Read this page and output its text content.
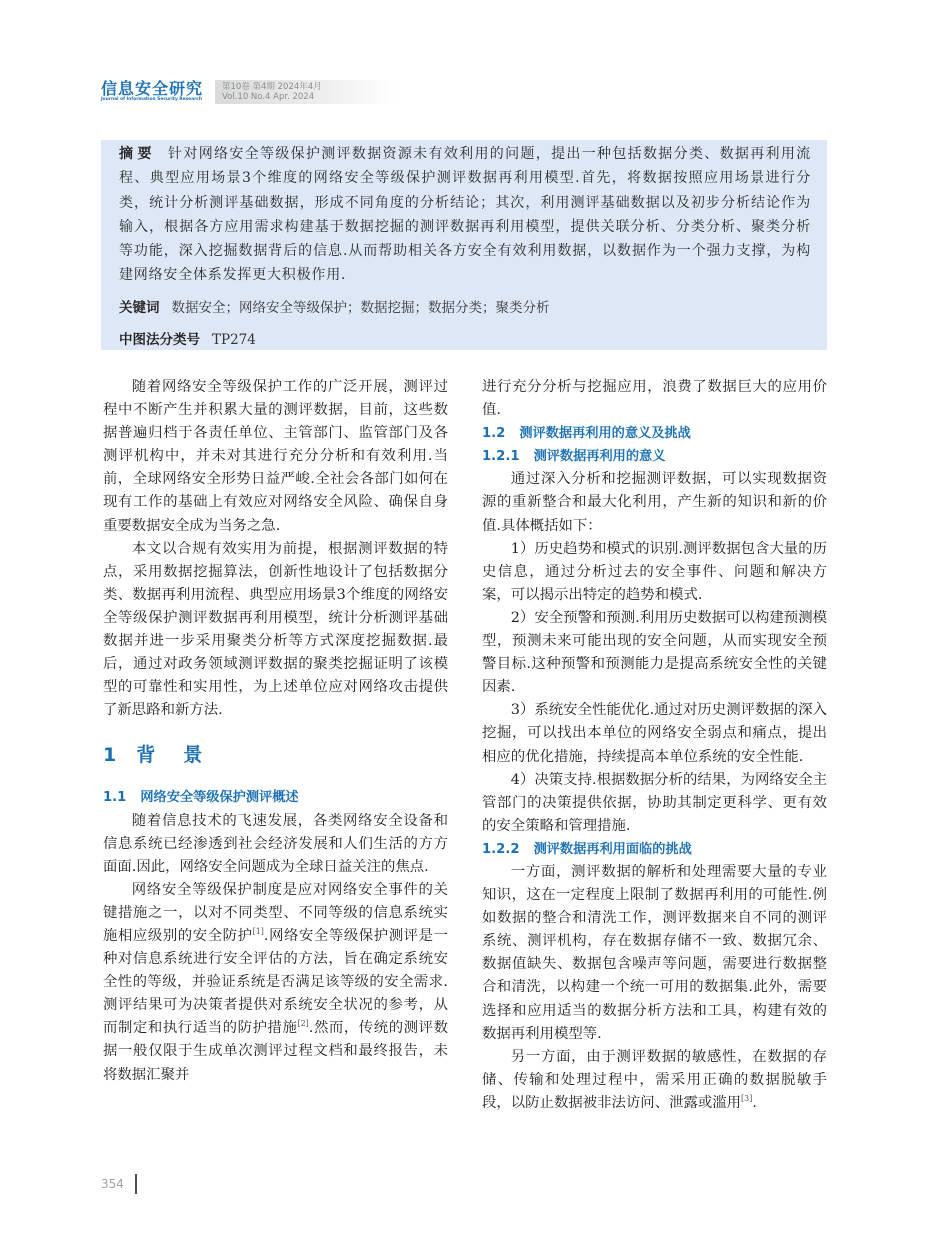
信息安全研究
Journal of Information Security Research
第10卷 第4期 2024年4月
Vol.10 No.4 Apr. 2024
摘要 针对网络安全等级保护测评数据资源未有效利用的问题，提出一种包括数据分类、数据再利用流程、典型应用场景3个维度的网络安全等级保护测评数据再利用模型.首先，将数据按照应用场景进行分类，统计分析测评基础数据，形成不同角度的分析结论；其次，利用测评基础数据以及初步分析结论作为输入，根据各方应用需求构建基于数据挖掘的测评数据再利用模型，提供关联分析、分类分析、聚类分析等功能，深入挖掘数据背后的信息.从而帮助相关各方安全有效利用数据，以数据作为一个强力支撑，为构建网络安全体系发挥更大积极作用.
关键词 数据安全；网络安全等级保护；数据挖掘；数据分类；聚类分析
中图法分类号 TP274

随着网络安全等级保护工作的广泛开展，测评过程中不断产生并积累大量的测评数据，目前，这些数据普遍归档于各责任单位、主管部门、监管部门及各测评机构中，并未对其进行充分分析和有效利用.当前，全球网络安全形势日益严峻.全社会各部门如何在现有工作的基础上有效应对网络安全风险、确保自身重要数据安全成为当务之急.

本文以合规有效实用为前提，根据测评数据的特点，采用数据挖掘算法，创新性地设计了包括数据分类、数据再利用流程、典型应用场景3个维度的网络安全等级保护测评数据再利用模型，统计分析测评基础数据并进一步采用聚类分析等方式深度挖掘数据.最后，通过对政务领域测评数据的聚类挖掘证明了该模型的可靠性和实用性，为上述单位应对网络攻击提供了新思路和新方法.

1 背景
1.1 网络安全等级保护测评概述

随着信息技术的飞速发展，各类网络安全设备和信息系统已经渗透到社会经济发展和人们生活的方方面面.因此，网络安全问题成为全球日益关注的焦点.

网络安全等级保护制度是应对网络安全事件的关键措施之一，以对不同类型、不同等级的信息系统实施相应级别的安全防护[1].网络安全等级保护测评是一种对信息系统进行安全评估的方法，旨在确定系统安全性的等级，并验证系统是否满足该等级的安全需求.测评结果可为决策者提供对系统安全状况的参考，从而制定和执行适当的防护措施[2].然而，传统的测评数据一般仅限于生成单次测评过程文档和最终报告，未将数据汇聚并

进行充分分析与挖掘应用，浪费了数据巨大的应用价值.

1.2 测评数据再利用的意义及挑战
1.2.1 测评数据再利用的意义

通过深入分析和挖掘测评数据，可以实现数据资源的重新整合和最大化利用，产生新的知识和新的价值.具体概括如下：

1）历史趋势和模式的识别.测评数据包含大量的历史信息，通过分析过去的安全事件、问题和解决方案，可以揭示出特定的趋势和模式.

2）安全预警和预测.利用历史数据可以构建预测模型，预测未来可能出现的安全问题，从而实现安全预警目标.这种预警和预测能力是提高系统安全性的关键因素.

3）系统安全性能优化.通过对历史测评数据的深入挖掘，可以找出本单位的网络安全弱点和痛点，提出相应的优化措施，持续提高本单位系统的安全性能.

4）决策支持.根据数据分析的结果，为网络安全主管部门的决策提供依据，协助其制定更科学、更有效的安全策略和管理措施.

1.2.2 测评数据再利用面临的挑战

一方面，测评数据的解析和处理需要大量的专业知识，这在一定程度上限制了数据再利用的可能性.例如数据的整合和清洗工作，测评数据来自不同的测评系统、测评机构，存在数据存储不一致、数据冗余、数据值缺失、数据包含噪声等问题，需要进行数据整合和清洗，以构建一个统一可用的数据集.此外，需要选择和应用适当的数据分析方法和工具，构建有效的数据再利用模型等.

另一方面，由于测评数据的敏感性，在数据的存储、传输和处理过程中，需采用正确的数据脱敏手段，以防止数据被非法访问、泄露或滥用[3].

354
